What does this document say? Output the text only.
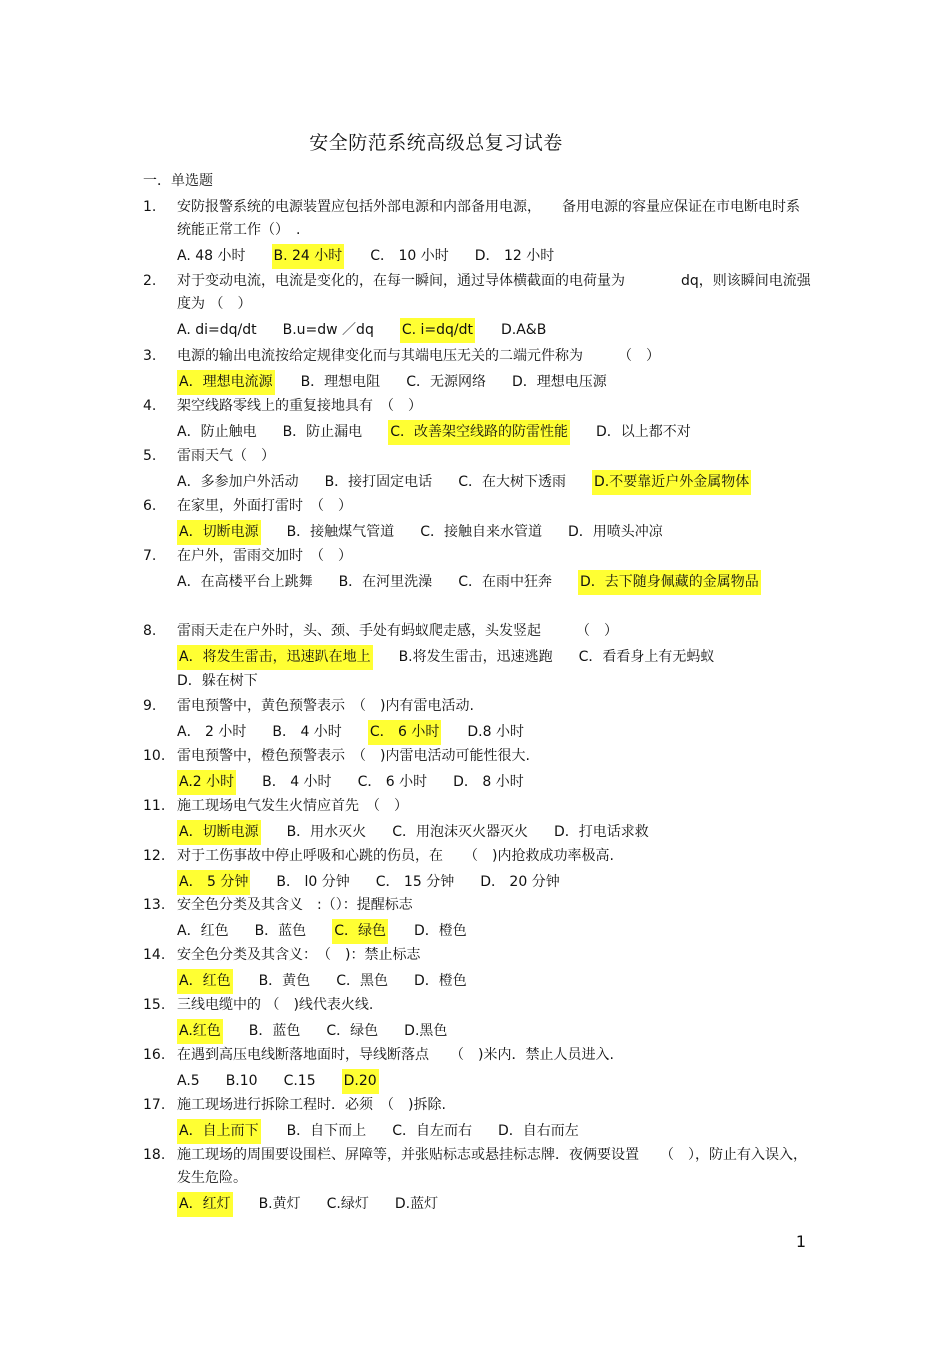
安全防范系统高级总复习试卷
一．单选题
1. 安防报警系统的电源装置应包括外部电源和内部备用电源，　　备用电源的容量应保证在市电断电时系统能正常工作（）　.
A. 48 小时 B. 24 小时 C． 10 小时 D． 12 小时
2. 对于变动电流，电流是变化的，在每一瞬间，通过导体横截面的电荷量为　　　　dq，则该瞬间电流强度为 （　）
A. di=dq/dt B.u=dw ／dq C. i=dq/dt D.A&B
3. 电源的输出电流按给定规律变化而与其端电压无关的二端元件称为　　　（　）
A．理想电流源 B．理想电阻 C．无源网络 D．理想电压源
4. 架空线路零线上的重复接地具有　（　）
A．防止触电 B．防止漏电 C．改善架空线路的防雷性能 D．以上都不对
5. 雷雨天气（　）
A．多参加户外活动 B．接打固定电话 C．在大树下透雨 D.不要靠近户外金属物体
6. 在家里，外面打雷时　（　）
A．切断电源 B．接触煤气管道 C．接触自来水管道 D．用喷头冲凉
7. 在户外，雷雨交加时　（　）
A．在高楼平台上跳舞 B．在河里洗澡 C．在雨中狂奔 D．去下随身佩藏的金属物品
8. 雷雨天走在户外时，头、颈、手处有蚂蚁爬走感，头发竖起　　　（　）
A．将发生雷击，迅速趴在地上 B.将发生雷击，迅速逃跑 C．看看身上有无蚂蚁D．躲在树下
9. 雷电预警中，黄色预警表示　（　)内有雷电活动.
A． 2 小时 B． 4 小时 C． 6 小时 D.8 小时
10. 雷电预警中，橙色预警表示　（　)内雷电活动可能性很大.
A.2 小时 B． 4 小时 C． 6 小时 D． 8 小时
11. 施工现场电气发生火情应首先　（　）
A．切断电源 B．用水灭火 C．用泡沫灭火器灭火 D．打电话求救
12. 对于工伤事故中停止呼吸和心跳的伤员，在　　（　)内抢救成功率极高.
A． 5 分钟 B． l0 分钟 C． 15 分钟 D． 20 分钟
13. 安全色分类及其含义　:（）：提醒标志
A．红色 B．蓝色 C．绿色 D．橙色
14. 安全色分类及其含义：　（　)：禁止标志
A．红色 B．黄色 C．黑色 D．橙色
15. 三线电缆中的 （　)线代表火线.
A.红色 B．蓝色 C．绿色 D.黑色
16. 在遇到高压电线断落地面时，导线断落点　　（　)米内．禁止人员进入.
A.5 B.10 C.15 D.20
17. 施工现场进行拆除工程时．必须　（　)拆除.
A．自上而下 B．自下而上 C．自左而右 D．自右而左
18. 施工现场的周围要设围栏、屏障等，并张贴标志或悬挂标志牌．夜俩要设置　　（　），防止有入误入，发生危险。
A．红灯 B.黄灯 C.绿灯 D.蓝灯
1
